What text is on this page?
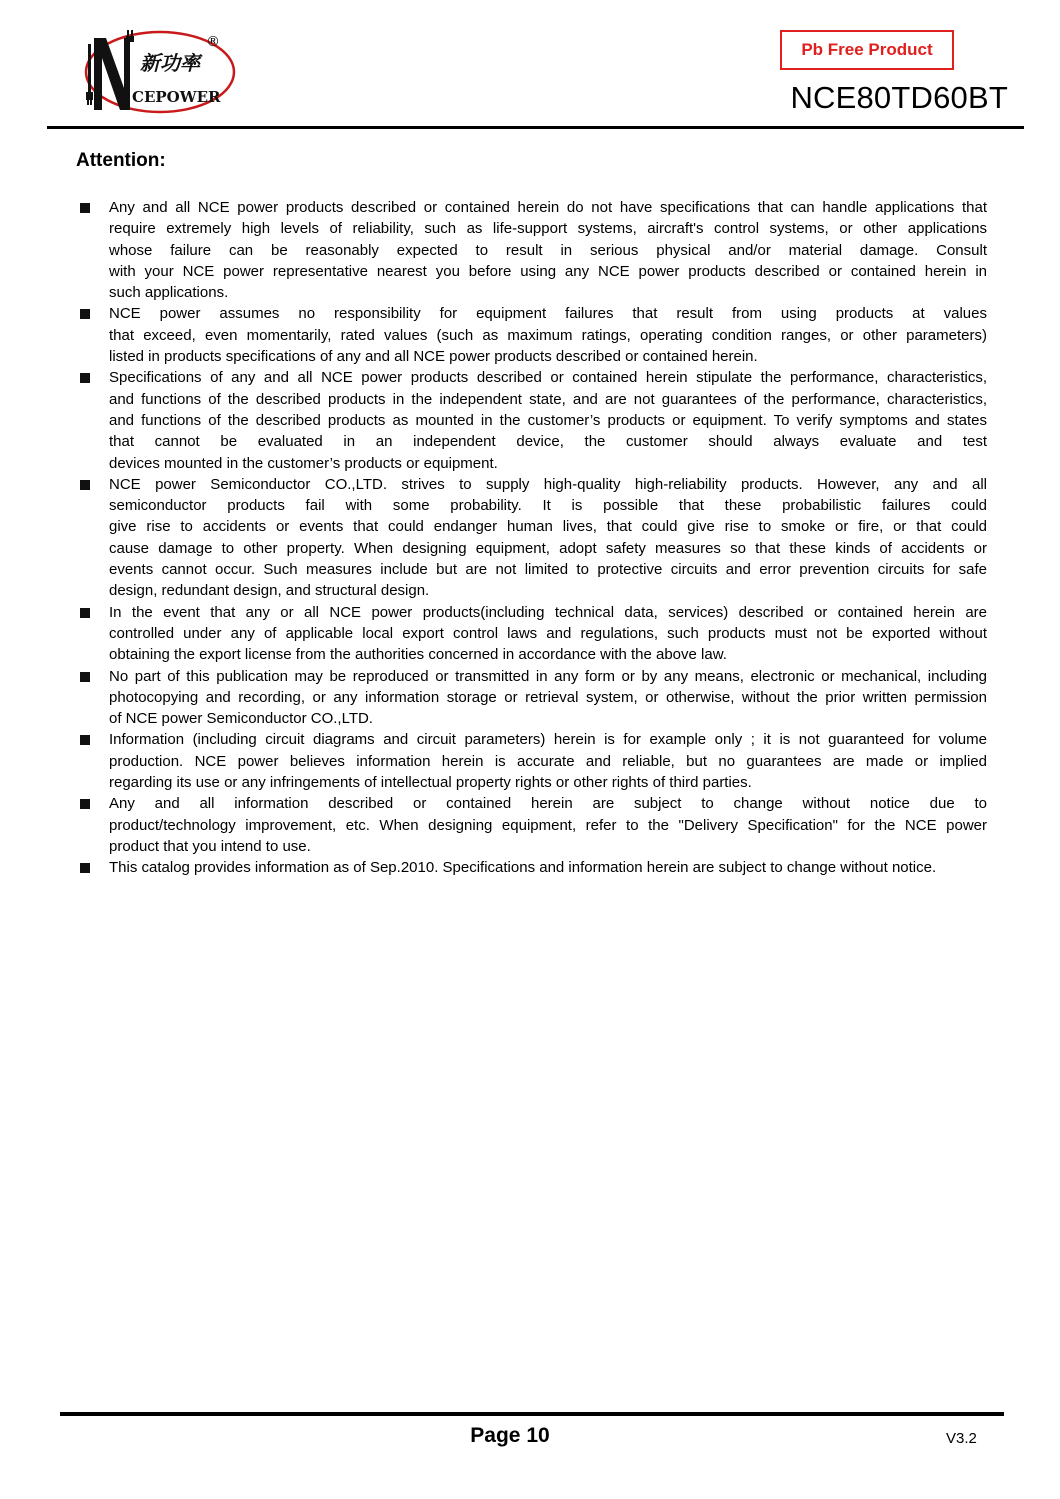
新功率
CEPOWER
®	Pb Free Product
NCE80TD60BT
Attention:
Any and all NCE power products described or contained herein do not have specifications that can handle applications that
require extremely high levels of reliability, such as life-support systems, aircraft's control systems, or other applications
whose failure can be reasonably expected to result in serious physical and/or material damage. Consult
with your NCE power representative nearest you before using any NCE power products described or contained herein in
such applications.
NCE power assumes no responsibility for equipment failures that result from using products at values
that exceed, even momentarily, rated values (such as maximum ratings, operating condition ranges, or other parameters)
listed in products specifications of any and all NCE power products described or contained herein.
Specifications of any and all NCE power products described or contained herein stipulate the performance, characteristics,
and functions of the described products in the independent state, and are not guarantees of the performance, characteristics,
and functions of the described products as mounted in the customer’s products or equipment. To verify symptoms and states
that cannot be evaluated in an independent device, the customer should always evaluate and test
devices mounted in the customer’s products or equipment.
NCE power Semiconductor CO.,LTD. strives to supply high-quality high-reliability products. However, any and all
semiconductor products fail with some probability. It is possible that these probabilistic failures could
give rise to accidents or events that could endanger human lives, that could give rise to smoke or fire, or that could
cause damage to other property. When designing equipment, adopt safety measures so that these kinds of accidents or
events cannot occur. Such measures include but are not limited to protective circuits and error prevention circuits for safe
design, redundant design, and structural design.
In the event that any or all NCE power products(including technical data, services) described or contained herein are
controlled under any of applicable local export control laws and regulations, such products must not be exported without
obtaining the export license from the authorities concerned in accordance with the above law.
No part of this publication may be reproduced or transmitted in any form or by any means, electronic or mechanical, including
photocopying and recording, or any information storage or retrieval system, or otherwise, without the prior written permission
of NCE power Semiconductor CO.,LTD.
Information (including circuit diagrams and circuit parameters) herein is for example only ; it is not guaranteed for volume
production. NCE power believes information herein is accurate and reliable, but no guarantees are made or implied
regarding its use or any infringements of intellectual property rights or other rights of third parties.
Any and all information described or contained herein are subject to change without notice due to
product/technology improvement, etc. When designing equipment, refer to the "Delivery Specification" for the NCE power
product that you intend to use.
This catalog provides information as of Sep.2010. Specifications and information herein are subject to change without notice.
Page 10	V3.2
